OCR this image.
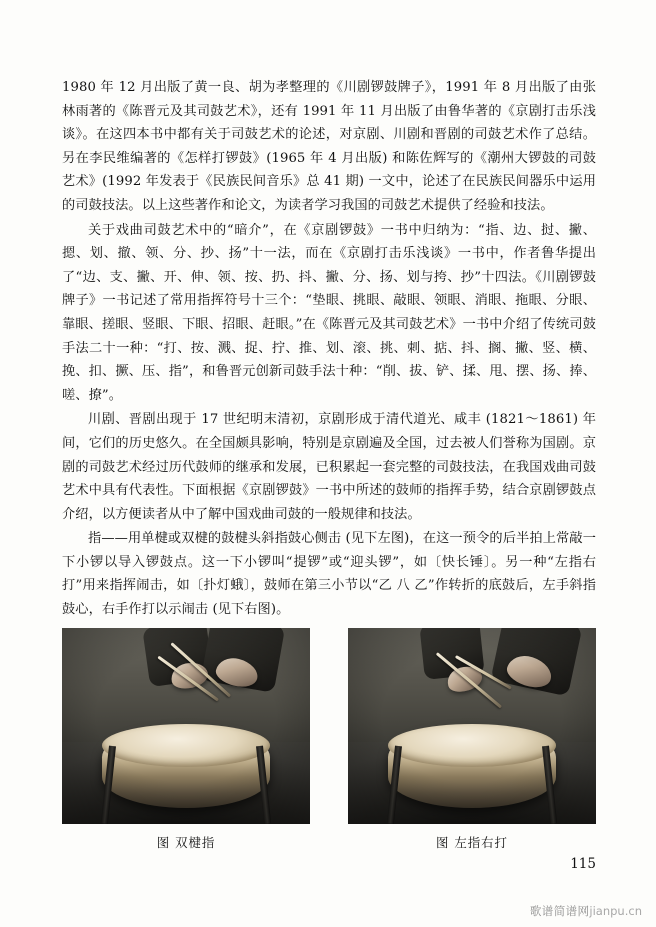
1980 年 12 月出版了黄一良、胡为孝整理的《川剧锣鼓牌子》，1991 年 8 月出版了由张林雨著的《陈晋元及其司鼓艺术》，还有 1991 年 11 月出版了由鲁华著的《京剧打击乐浅谈》。在这四本书中都有关于司鼓艺术的论述，对京剧、川剧和晋剧的司鼓艺术作了总结。另在李民维编著的《怎样打锣鼓》(1965 年 4 月出版) 和陈佐辉写的《潮州大锣鼓的司鼓艺术》(1992 年发表于《民族民间音乐》总 41 期) 一文中，论述了在民族民间器乐中运用的司鼓技法。以上这些著作和论文，为读者学习我国的司鼓艺术提供了经验和技法。

关于戏曲司鼓艺术中的“暗介”，在《京剧锣鼓》一书中归纳为：“指、边、挝、撇、摁、划、撤、领、分、抄、扬”十一法，而在《京剧打击乐浅谈》一书中，作者鲁华提出了“边、支、撇、开、伸、领、按、扔、抖、撇、分、扬、划与挎、抄”十四法。《川剧锣鼓牌子》一书记述了常用指挥符号十三个：“垫眼、挑眼、敲眼、领眼、消眼、拖眼、分眼、靠眼、搓眼、竖眼、下眼、招眼、赶眼。”在《陈晋元及其司鼓艺术》一书中介绍了传统司鼓手法二十一种：“打、按、溅、捉、拧、推、划、滚、挑、刺、掂、抖、搁、撇、竖、横、挽、扣、撅、压、指”，和鲁晋元创新司鼓手法十种：“削、拔、铲、揉、甩、摆、扬、捧、嗟、撩”。

川剧、晋剧出现于 17 世纪明末清初，京剧形成于清代道光、咸丰 (1821～1861) 年间，它们的历史悠久。在全国颇具影响，特别是京剧遍及全国，过去被人们誉称为国剧。京剧的司鼓艺术经过历代鼓师的继承和发展，已积累起一套完整的司鼓技法，在我国戏曲司鼓艺术中具有代表性。下面根据《京剧锣鼓》一书中所述的鼓师的指挥手势，结合京剧锣鼓点介绍，以方便读者从中了解中国戏曲司鼓的一般规律和技法。

指——用单楗或双楗的鼓楗头斜指鼓心侧击 (见下左图)，在这一预令的后半拍上常敲一下小锣以导入锣鼓点。这一下小锣叫“提锣”或“迎头锣”，如〔快长锤〕。另一种“左指右打”用来指挥闹击，如〔扑灯蛾〕，鼓师在第三小节以“乙 八 乙”作转折的底鼓后，左手斜指鼓心，右手作打以示闹击 (见下右图)。

图 双楗指	图 左指右打
115
歌谱简谱网jianpu.cn
